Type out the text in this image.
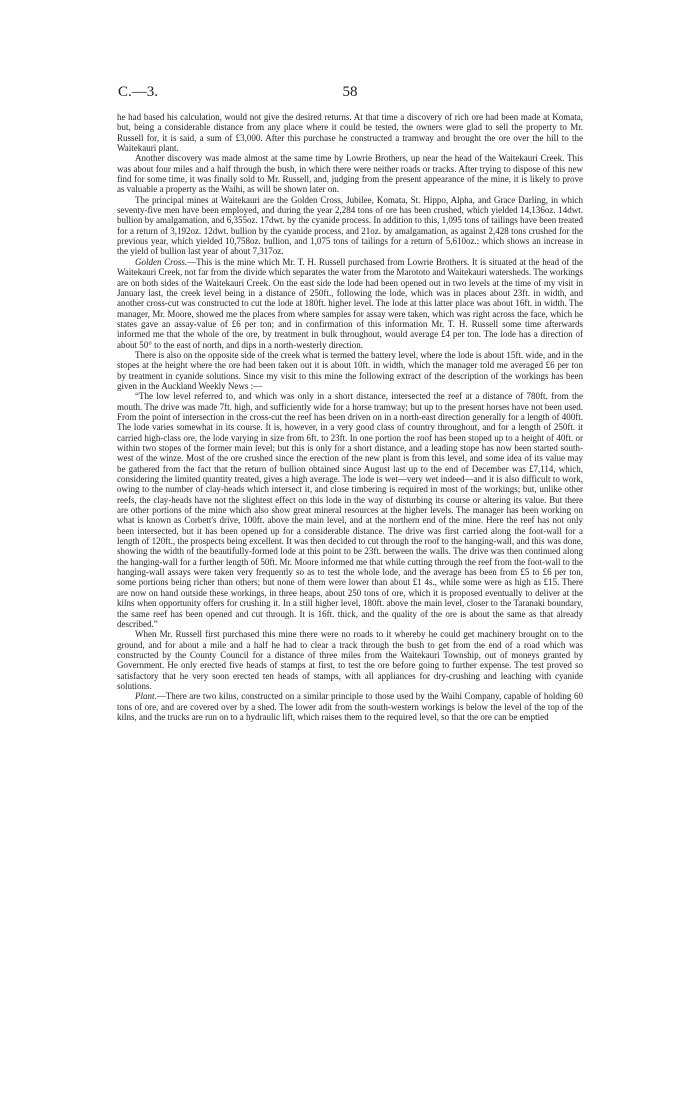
C.—3.	58

he had based his calculation, would not give the desired returns. At that time a discovery of rich ore had been made at Komata, but, being a considerable distance from any place where it could be tested, the owners were glad to sell the property to Mr. Russell for, it is said, a sum of £3,000. After this purchase he constructed a tramway and brought the ore over the hill to the Waitekauri plant.

Another discovery was made almost at the same time by Lowrie Brothers, up near the head of the Waitekauri Creek. This was about four miles and a half through the bush, in which there were neither roads or tracks. After trying to dispose of this new find for some time, it was finally sold to Mr. Russell, and, judging from the present appearance of the mine, it is likely to prove as valuable a property as the Waihi, as will be shown later on.

The principal mines at Waitekauri are the Golden Cross, Jubilee, Komata, St. Hippo, Alpha, and Grace Darling, in which seventy-five men have been employed, and during the year 2,284 tons of ore has been crushed, which yielded 14,136oz. 14dwt. bullion by amalgamation, and 6,355oz. 17dwt. by the cyanide process. In addition to this, 1,095 tons of tailings have been treated for a return of 3,192oz. 12dwt. bullion by the cyanide process, and 21oz. by amalgamation, as against 2,428 tons crushed for the previous year, which yielded 10,758oz. bullion, and 1,075 tons of tailings for a return of 5,610oz.: which shows an increase in the yield of bullion last year of about 7,317oz.

Golden Cross.—This is the mine which Mr. T. H. Russell purchased from Lowrie Brothers. It is situated at the head of the Waitekauri Creek, not far from the divide which separates the water from the Marototo and Waitekauri watersheds. The workings are on both sides of the Waitekauri Creek. On the east side the lode had been opened out in two levels at the time of my visit in January last, the creek level being in a distance of 250ft., following the lode, which was in places about 23ft. in width, and another cross-cut was constructed to cut the lode at 180ft. higher level. The lode at this latter place was about 16ft. in width. The manager, Mr. Moore, showed me the places from where samples for assay were taken, which was right across the face, which he states gave an assay-value of £6 per ton; and in confirmation of this information Mr. T. H. Russell some time afterwards informed me that the whole of the ore, by treatment in bulk throughout, would average £4 per ton. The lode has a direction of about 50° to the east of north, and dips in a north-westerly direction.

There is also on the opposite side of the creek what is termed the battery level, where the lode is about 15ft. wide, and in the stopes at the height where the ore had been taken out it is about 10ft. in width, which the manager told me averaged £6 per ton by treatment in cyanide solutions. Since my visit to this mine the following extract of the description of the workings has been given in the Auckland Weekly News :—

“The low level referred to, and which was only in a short distance, intersected the reef at a distance of 780ft. from the mouth. The drive was made 7ft. high, and sufficiently wide for a horse tramway; but up to the present horses have not been used. From the point of intersection in the cross-cut the reef has been driven on in a north-east direction generally for a length of 400ft. The lode varies somewhat in its course. It is, however, in a very good class of country throughout, and for a length of 250ft. it carried high-class ore, the lode varying in size from 6ft. to 23ft. In one portion the roof has been stoped up to a height of 40ft. or within two stopes of the former main level; but this is only for a short distance, and a leading stope has now been started south-west of the winze. Most of the ore crushed since the erection of the new plant is from this level, and some idea of its value may be gathered from the fact that the return of bullion obtained since August last up to the end of December was £7,114, which, considering the limited quantity treated, gives a high average. The lode is wet—very wet indeed—and it is also difficult to work, owing to the number of clay-heads which intersect it, and close timbering is required in most of the workings; but, unlike other reefs, the clay-heads have not the slightest effect on this lode in the way of disturbing its course or altering its value. But there are other portions of the mine which also show great mineral resources at the higher levels. The manager has been working on what is known as Corbett's drive, 100ft. above the main level, and at the northern end of the mine. Here the reef has not only been intersected, but it has been opened up for a considerable distance. The drive was first carried along the foot-wall for a length of 120ft., the prospects being excellent. It was then decided to cut through the roof to the hanging-wall, and this was done, showing the width of the beautifully-formed lode at this point to be 23ft. between the walls. The drive was then continued along the hanging-wall for a further length of 50ft. Mr. Moore informed me that while cutting through the reef from the foot-wall to the hanging-wall assays were taken very frequently so as to test the whole lode, and the average has been from £5 to £6 per ton, some portions being richer than others; but none of them were lower than about £1 4s., while some were as high as £15. There are now on hand outside these workings, in three heaps, about 250 tons of ore, which it is proposed eventually to deliver at the kilns when opportunity offers for crushing it. In a still higher level, 180ft. above the main level, closer to the Taranaki boundary, the same reef has been opened and cut through. It is 16ft. thick, and the quality of the ore is about the same as that already described.”

When Mr. Russell first purchased this mine there were no roads to it whereby he could get machinery brought on to the ground, and for about a mile and a half he had to clear a track through the bush to get from the end of a road which was constructed by the County Council for a distance of three miles from the Waitekauri Township, out of moneys granted by Government. He only erected five heads of stamps at first, to test the ore before going to further expense. The test proved so satisfactory that he very soon erected ten heads of stamps, with all appliances for dry-crushing and leaching with cyanide solutions.

Plant.—There are two kilns, constructed on a similar principle to those used by the Waihi Company, capable of holding 60 tons of ore, and are covered over by a shed. The lower adit from the south-western workings is below the level of the top of the kilns, and the trucks are run on to a hydraulic lift, which raises them to the required level, so that the ore can be emptied
